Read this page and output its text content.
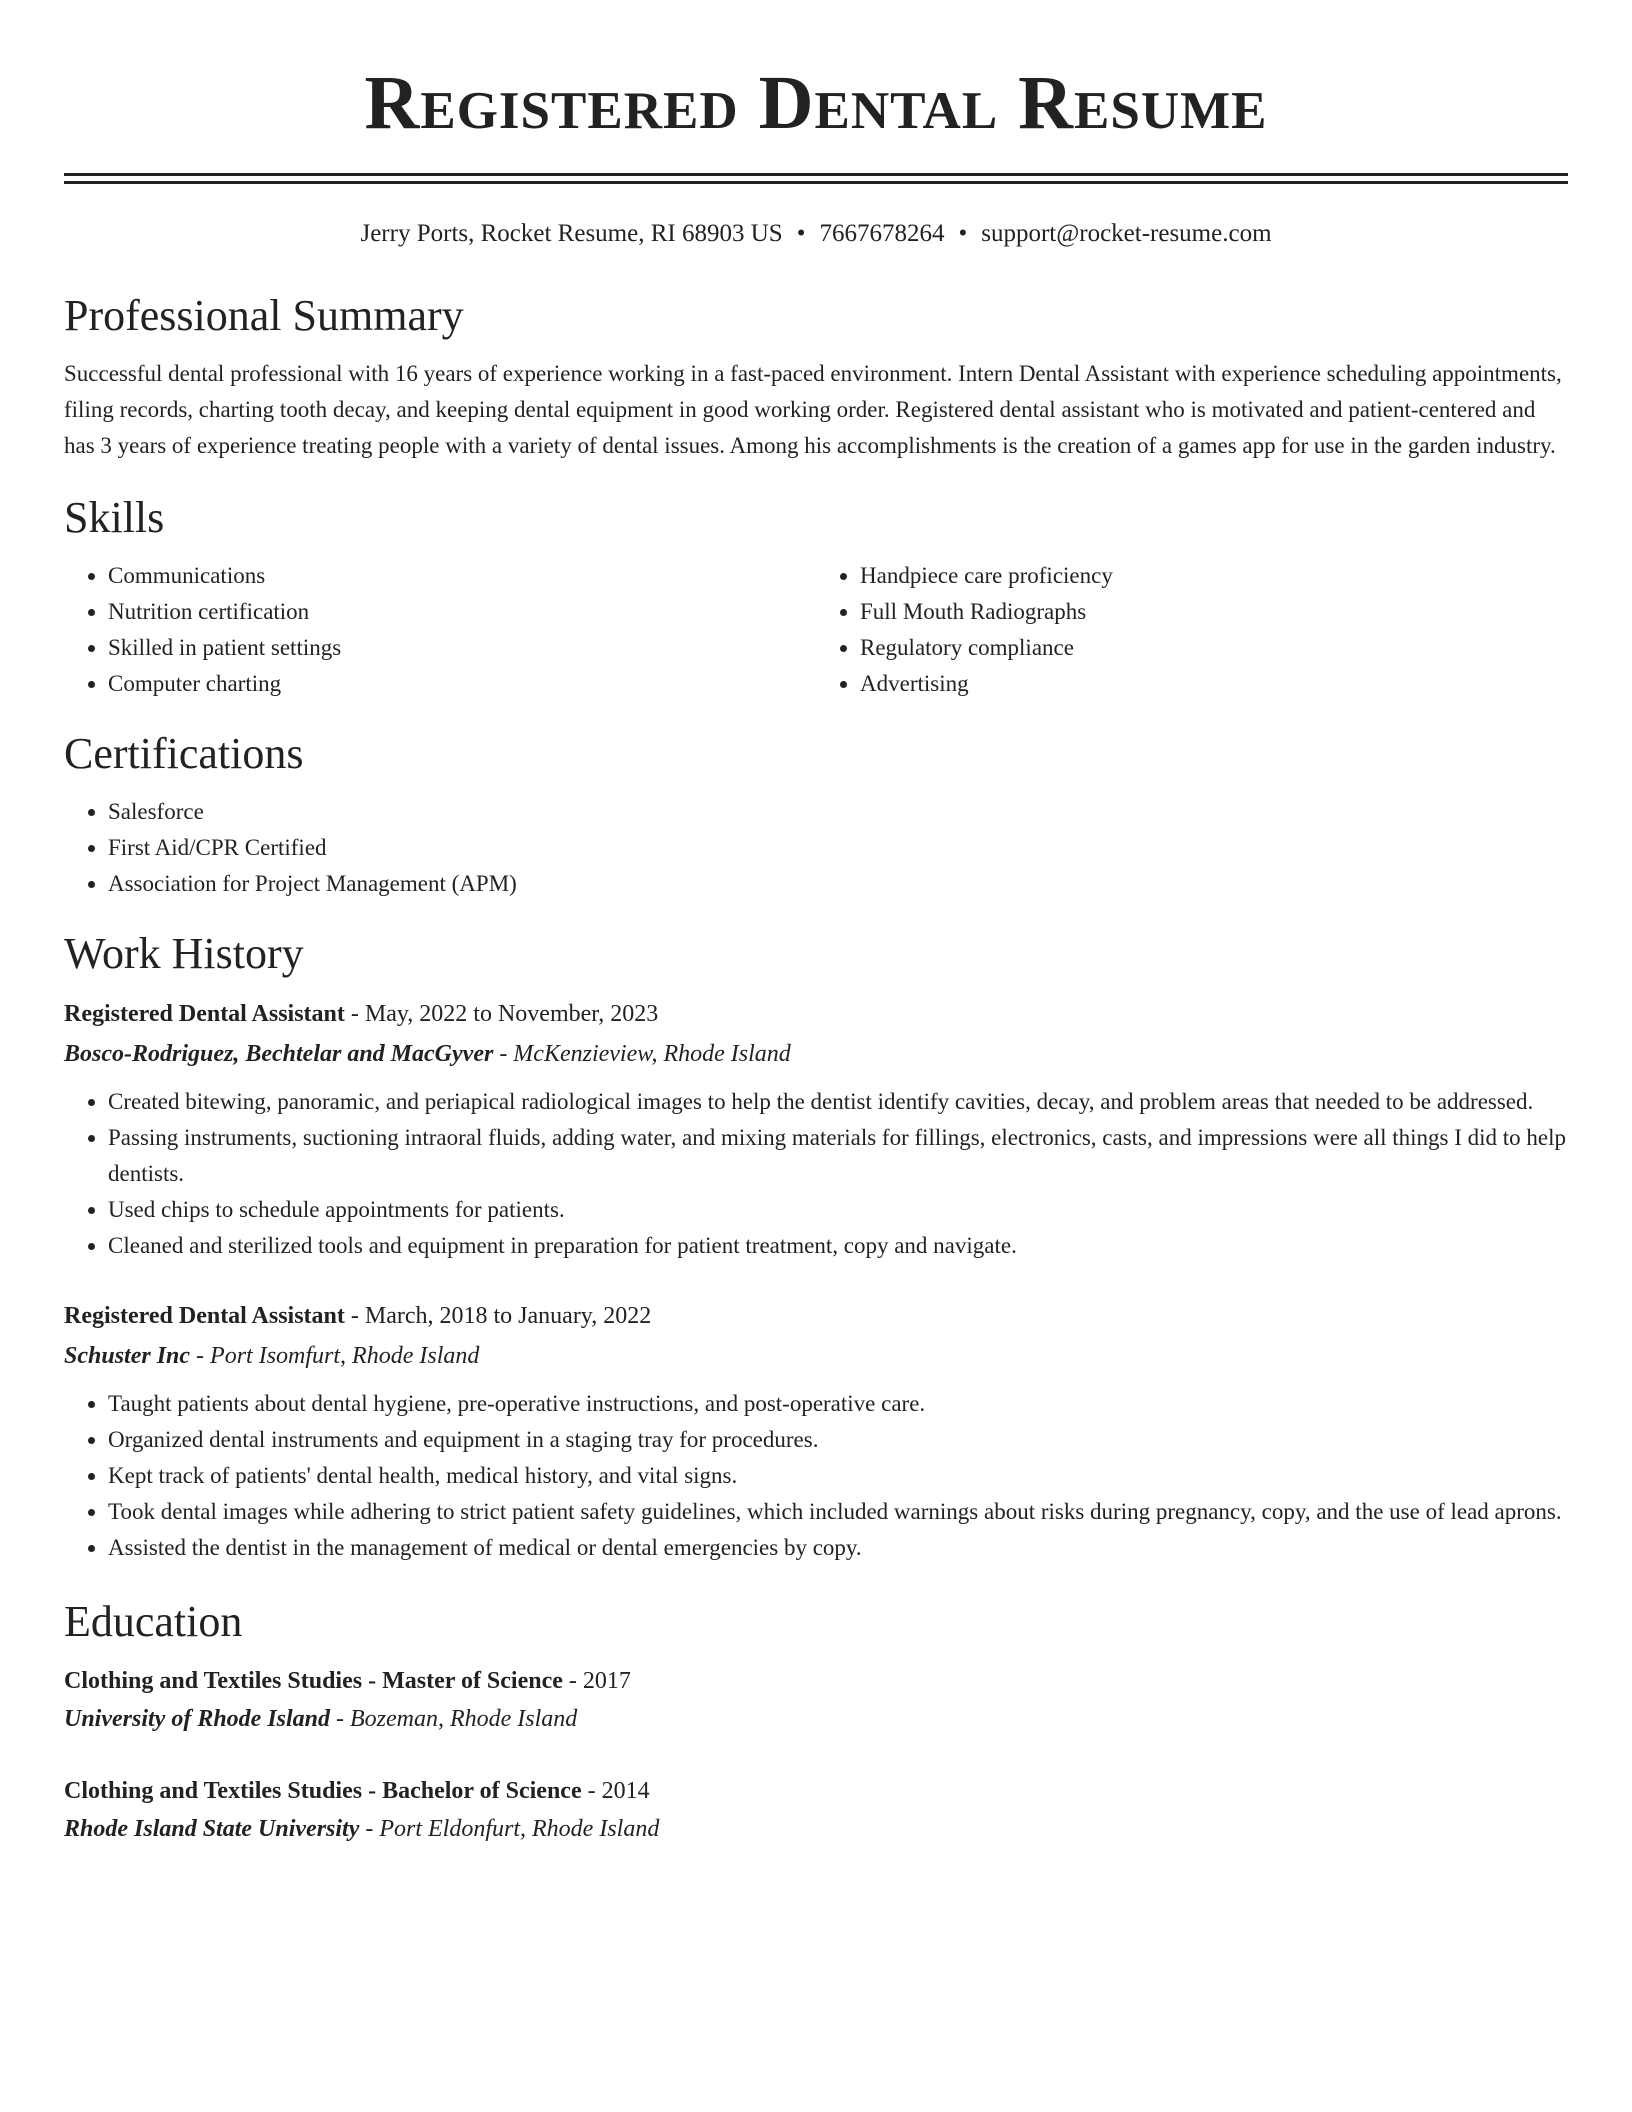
Registered Dental Resume
Jerry Ports, Rocket Resume, RI 68903 US • 7667678264 • support@rocket-resume.com
Professional Summary
Successful dental professional with 16 years of experience working in a fast-paced environment. Intern Dental Assistant with experience scheduling appointments, filing records, charting tooth decay, and keeping dental equipment in good working order. Registered dental assistant who is motivated and patient-centered and has 3 years of experience treating people with a variety of dental issues. Among his accomplishments is the creation of a games app for use in the garden industry.
Skills
• Communications
• Nutrition certification
• Skilled in patient settings
• Computer charting
• Handpiece care proficiency
• Full Mouth Radiographs
• Regulatory compliance
• Advertising
Certifications
• Salesforce
• First Aid/CPR Certified
• Association for Project Management (APM)
Work History
Registered Dental Assistant - May, 2022 to November, 2023
Bosco-Rodriguez, Bechtelar and MacGyver - McKenzieview, Rhode Island
• Created bitewing, panoramic, and periapical radiological images to help the dentist identify cavities, decay, and problem areas that needed to be addressed.
• Passing instruments, suctioning intraoral fluids, adding water, and mixing materials for fillings, electronics, casts, and impressions were all things I did to help dentists.
• Used chips to schedule appointments for patients.
• Cleaned and sterilized tools and equipment in preparation for patient treatment, copy and navigate.
Registered Dental Assistant - March, 2018 to January, 2022
Schuster Inc - Port Isomfurt, Rhode Island
• Taught patients about dental hygiene, pre-operative instructions, and post-operative care.
• Organized dental instruments and equipment in a staging tray for procedures.
• Kept track of patients' dental health, medical history, and vital signs.
• Took dental images while adhering to strict patient safety guidelines, which included warnings about risks during pregnancy, copy, and the use of lead aprons.
• Assisted the dentist in the management of medical or dental emergencies by copy.
Education
Clothing and Textiles Studies - Master of Science - 2017
University of Rhode Island - Bozeman, Rhode Island
Clothing and Textiles Studies - Bachelor of Science - 2014
Rhode Island State University - Port Eldonfurt, Rhode Island
